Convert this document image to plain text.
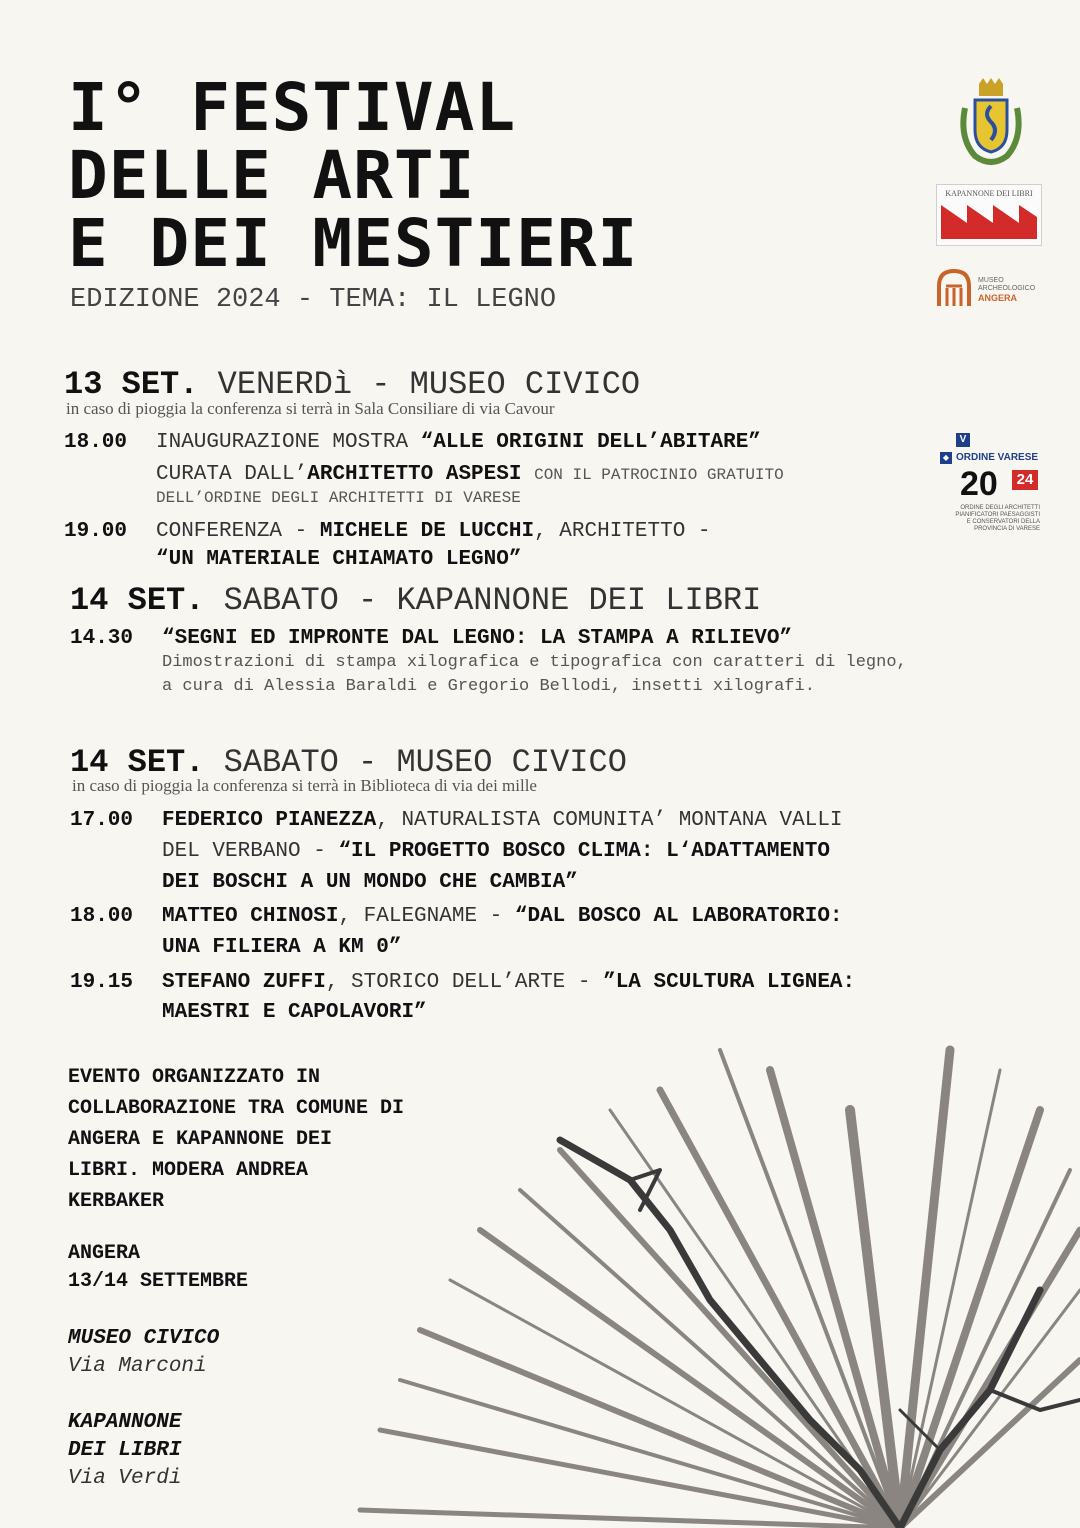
I° FESTIVAL
DELLE ARTI
E DEI MESTIERI
EDIZIONE 2024 - TEMA: IL LEGNO
KAPANNONE DEI LIBRI
MUSEO
ARCHEOLOGICO
ANGERA
V
◆ ORDINE VARESE
20	24
ORDINE DEGLI ARCHITETTI
PIANIFICATORI PAESAGGISTI
E CONSERVATORI DELLA
PROVINCIA DI VARESE
13 SET. VENERDì - MUSEO CIVICO
in caso di pioggia la conferenza si terrà in Sala Consiliare di via Cavour
18.00 INAUGURAZIONE MOSTRA “ALLE ORIGINI DELL’ABITARE”
CURATA DALL’ARCHITETTO ASPESI CON IL PATROCINIO GRATUITO
DELL’ORDINE DEGLI ARCHITETTI DI VARESE
19.00 CONFERENZA - MICHELE DE LUCCHI, ARCHITETTO -
“UN MATERIALE CHIAMATO LEGNO”
14 SET. SABATO - KAPANNONE DEI LIBRI
14.30 “SEGNI ED IMPRONTE DAL LEGNO: LA STAMPA A RILIEVO”
Dimostrazioni di stampa xilografica e tipografica con caratteri di legno,
a cura di Alessia Baraldi e Gregorio Bellodi, insetti xilografi.
14 SET. SABATO - MUSEO CIVICO
in caso di pioggia la conferenza si terrà in Biblioteca di via dei mille
17.00 FEDERICO PIANEZZA, NATURALISTA COMUNITA’ MONTANA VALLI
DEL VERBANO - “IL PROGETTO BOSCO CLIMA: L‘ADATTAMENTO
DEI BOSCHI A UN MONDO CHE CAMBIA”
18.00 MATTEO CHINOSI, FALEGNAME - “DAL BOSCO AL LABORATORIO:
UNA FILIERA A KM 0”
19.15 STEFANO ZUFFI, STORICO DELL’ARTE - ”LA SCULTURA LIGNEA:
MAESTRI E CAPOLAVORI”
EVENTO ORGANIZZATO IN
COLLABORAZIONE TRA COMUNE DI
ANGERA E KAPANNONE DEI
LIBRI. MODERA ANDREA
KERBAKER
ANGERA
13/14 SETTEMBRE
MUSEO CIVICO
Via Marconi
KAPANNONE
DEI LIBRI
Via Verdi
